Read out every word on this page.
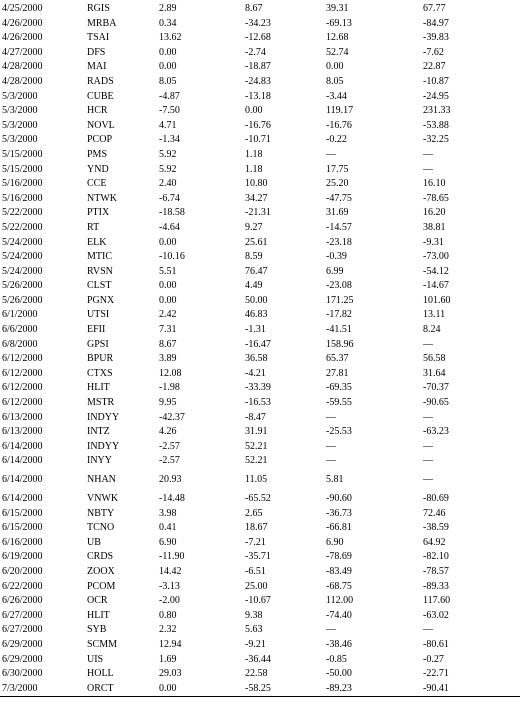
4/25/2000	RGIS	2.89	8.67	39.31	67.77
4/26/2000	MRBA	0.34	-34.23	-69.13	-84.97
4/26/2000	TSAI	13.62	-12.68	12.68	-39.83
4/27/2000	DFS	0.00	-2.74	52.74	-7.62
4/28/2000	MAI	0.00	-18.87	0.00	22.87
4/28/2000	RADS	8.05	-24.83	8.05	-10.87
5/3/2000	CUBE	-4.87	-13.18	-3.44	-24.95
5/3/2000	HCR	-7.50	0.00	119.17	231.33
5/3/2000	NOVL	4.71	-16.76	-16.76	-53.88
5/3/2000	PCOP	-1.34	-10.71	-0.22	-32.25
5/15/2000	PMS	5.92	1.18	—	—
5/15/2000	YND	5.92	1.18	17.75	—
5/16/2000	CCE	2.40	10.80	25.20	16.10
5/16/2000	NTWK	-6.74	34.27	-47.75	-78.65
5/22/2000	PTIX	-18.58	-21.31	31.69	16.20
5/22/2000	RT	-4.64	9.27	-14.57	38.81
5/24/2000	ELK	0.00	25.61	-23.18	-9.31
5/24/2000	MTIC	-10.16	8.59	-0.39	-73.00
5/24/2000	RVSN	5.51	76.47	6.99	-54.12
5/26/2000	CLST	0.00	4.49	-23.08	-14.67
5/26/2000	PGNX	0.00	50.00	171.25	101.60
6/1/2000	UTSI	2.42	46.83	-17.82	13.11
6/6/2000	EFII	7.31	-1.31	-41.51	8.24
6/8/2000	GPSI	8.67	-16.47	158.96	—
6/12/2000	BPUR	3.89	36.58	65.37	56.58
6/12/2000	CTXS	12.08	-4.21	27.81	31.64
6/12/2000	HLIT	-1.98	-33.39	-69.35	-70.37
6/12/2000	MSTR	9.95	-16.53	-59.55	-90.65
6/13/2000	INDYY	-42.37	-8.47	—	—
6/13/2000	INTZ	4.26	31.91	-25.53	-63.23
6/14/2000	INDYY	-2.57	52.21	—	—
6/14/2000	INYY	-2.57	52.21	—	—
6/14/2000	NHAN	20.93	11.05	5.81	—
6/14/2000	VNWK	-14.48	-65.52	-90.60	-80.69
6/15/2000	NBTY	3.98	2.65	-36.73	72.46
6/15/2000	TCNO	0.41	18.67	-66.81	-38.59
6/16/2000	UB	6.90	-7.21	6.90	64.92
6/19/2000	CRDS	-11.90	-35.71	-78.69	-82.10
6/20/2000	ZOOX	14.42	-6.51	-83.49	-78.57
6/22/2000	PCOM	-3.13	25.00	-68.75	-89.33
6/26/2000	OCR	-2.00	-10.67	112.00	117.60
6/27/2000	HLIT	0.80	9.38	-74.40	-63.02
6/27/2000	SYB	2.32	5.63	—	—
6/29/2000	SCMM	12.94	-9.21	-38.46	-80.61
6/29/2000	UIS	1.69	-36.44	-0.85	-0.27
6/30/2000	HOLL	29.03	22.58	-50.00	-22.71
7/3/2000	ORCT	0.00	-58.25	-89.23	-90.41
